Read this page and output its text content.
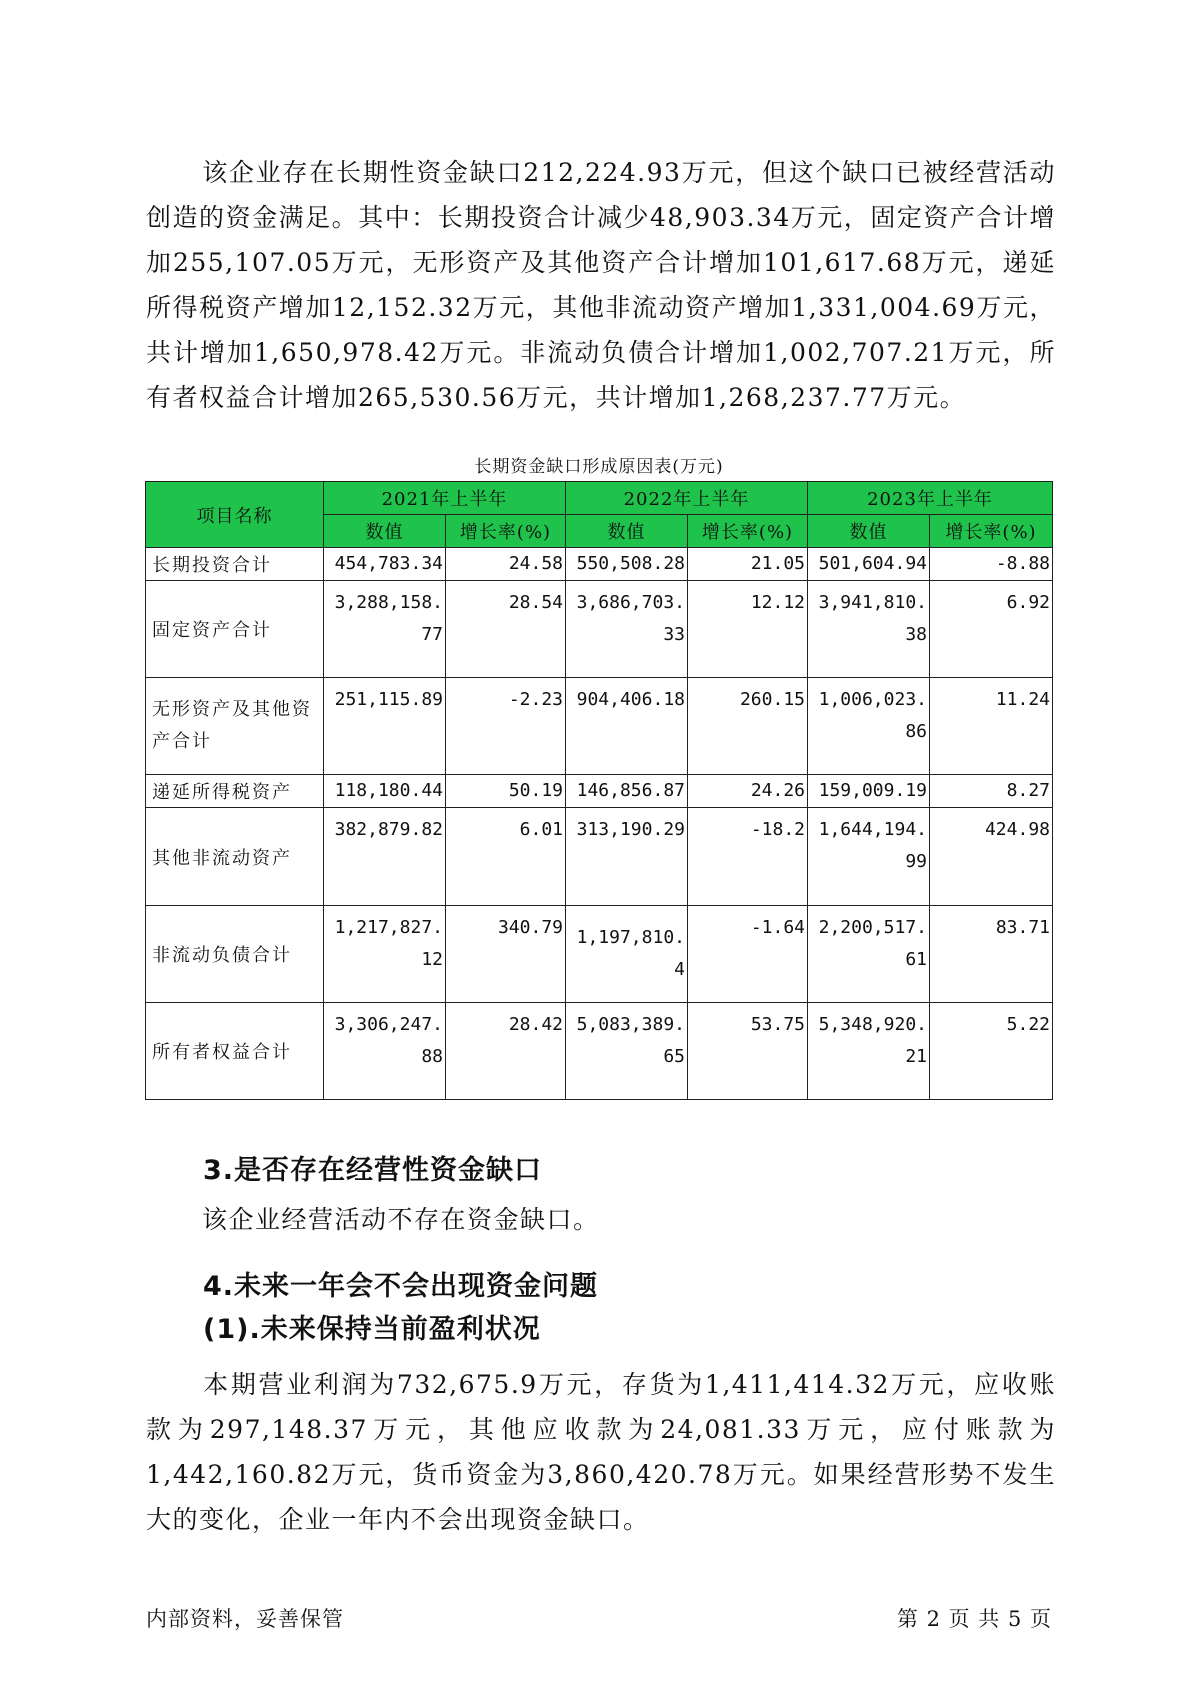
该企业存在长期性资金缺口212,224.93万元，但这个缺口已被经营活动创造的资金满足。其中：长期投资合计减少48,903.34万元，固定资产合计增加255,107.05万元，无形资产及其他资产合计增加101,617.68万元，递延所得税资产增加12,152.32万元，其他非流动资产增加1,331,004.69万元，共计增加1,650,978.42万元。非流动负债合计增加1,002,707.21万元，所有者权益合计增加265,530.56万元，共计增加1,268,237.77万元。

长期资金缺口形成原因表(万元)
项目名称	2021年上半年		2022年上半年		2023年上半年	
	数值	增长率(%)	数值	增长率(%)	数值	增长率(%)
长期投资合计	454,783.34	24.58	550,508.28	21.05	501,604.94	-8.88
固定资产合计	3,288,158.77	28.54	3,686,703.33	12.12	3,941,810.38	6.92
无形资产及其他资产合计	251,115.89	-2.23	904,406.18	260.15	1,006,023.86	11.24
递延所得税资产	118,180.44	50.19	146,856.87	24.26	159,009.19	8.27
其他非流动资产	382,879.82	6.01	313,190.29	-18.2	1,644,194.99	424.98
非流动负债合计	1,217,827.12	340.79	1,197,810.4	-1.64	2,200,517.61	83.71
所有者权益合计	3,306,247.88	28.42	5,083,389.65	53.75	5,348,920.21	5.22
3.是否存在经营性资金缺口

该企业经营活动不存在资金缺口。

4.未来一年会不会出现资金问题
(1).未来保持当前盈利状况

本期营业利润为732,675.9万元，存货为1,411,414.32万元，应收账款为297,148.37万元，其他应收款为24,081.33万元，应付账款为1,442,160.82万元，货币资金为3,860,420.78万元。如果经营形势不发生大的变化，企业一年内不会出现资金缺口。

内部资料，妥善保管	第 2 页 共 5 页
